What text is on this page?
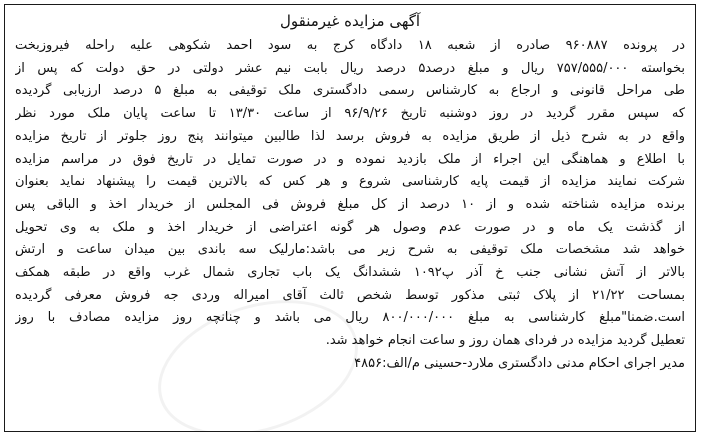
آگهی مزایده غیرمنقول
در پرونده ۹۶۰۸۸۷ صادره از شعبه ۱۸ دادگاه کرج به سود احمد شکوهی علیه راحله فیروزبخت
بخواسته ۷۵۷/۵۵۵/۰۰۰ ریال و مبلغ درصد۵ درصد ریال بابت نیم عشر دولتی در حق دولت که پس از
طی مراحل قانونی و ارجاع به کارشناس رسمی دادگستری ملک توقیفی به مبلغ ۵ درصد ارزیابی گردیده
که سپس مقرر گردید در روز دوشنبه تاریخ ۹۶/۹/۲۶ از ساعت ۱۳/۳۰ تا ساعت پایان ملک مورد نظر
واقع در به شرح ذیل از طریق مزایده به فروش برسد لذا طالبین میتوانند پنج روز جلوتر از تاریخ مزایده
با اطلاع و هماهنگی این اجراء از ملک بازدید نموده و در صورت تمایل در تاریخ فوق در مراسم مزایده
شرکت نمایند مزایده از قیمت پایه کارشناسی شروع و هر کس که بالاترین قیمت را پیشنهاد نماید بعنوان
برنده مزایده شناخته شده و از ۱۰ درصد از کل مبلغ فروش فی المجلس از خریدار اخذ و الباقی پس
از گذشت یک ماه و در صورت عدم وصول هر گونه اعتراضی از خریدار اخذ و ملک به وی تحویل
خواهد شد مشخصات ملک توقیفی به شرح زیر می باشد:مارلیک سه باندی بین میدان ساعت و ارتش
بالاتر از آتش نشانی جنب خ آذر پ۱۰۹۲ ششدانگ یک باب تجاری شمال غرب واقع در طبقه همکف
بمساحت ۲۱/۲۲ از پلاک ثبتی مذکور توسط شخص ثالث آقای امیراله وردی جه فروش معرفی گردیده
است.ضمنا"مبلغ کارشناسی به مبلغ ۸۰۰/۰۰۰/۰۰۰ ریال می باشد و چنانچه روز مزایده مصادف با روز
تعطیل گردید مزایده در فردای همان روز و ساعت انجام خواهد شد.
مدیر اجرای احکام مدنی دادگستری ملارد-حسینی م/الف:۴۸۵۶
